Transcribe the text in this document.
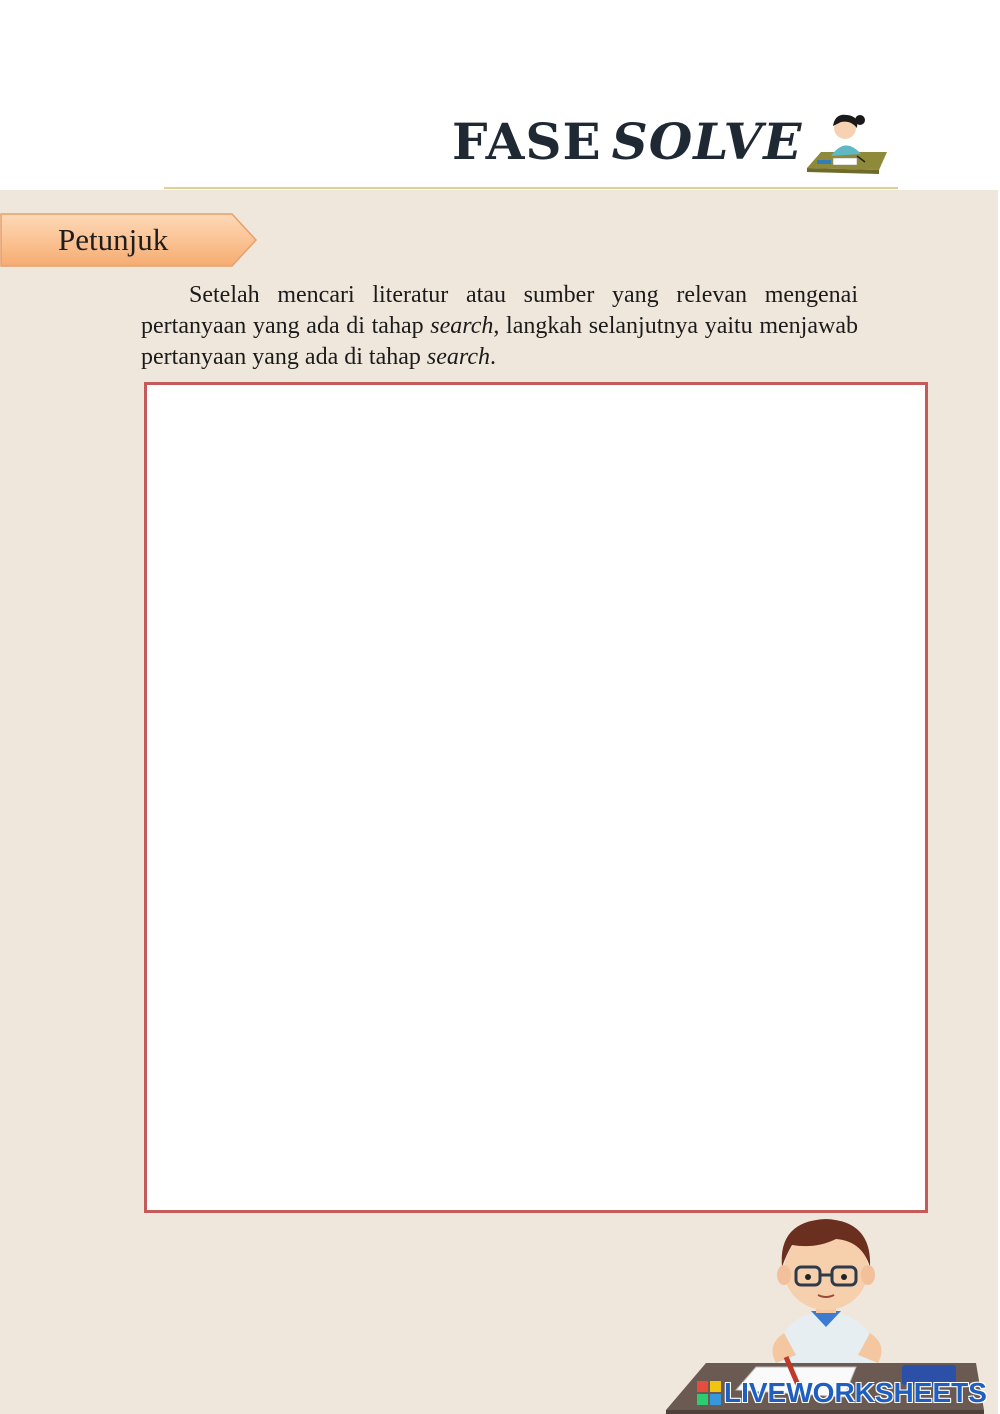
FASE SOLVE
Petunjuk

Setelah mencari literatur atau sumber yang relevan mengenai pertanyaan yang ada di tahap search, langkah selanjutnya yaitu menjawab pertanyaan yang ada di tahap search.

LIVEWORKSHEETS
